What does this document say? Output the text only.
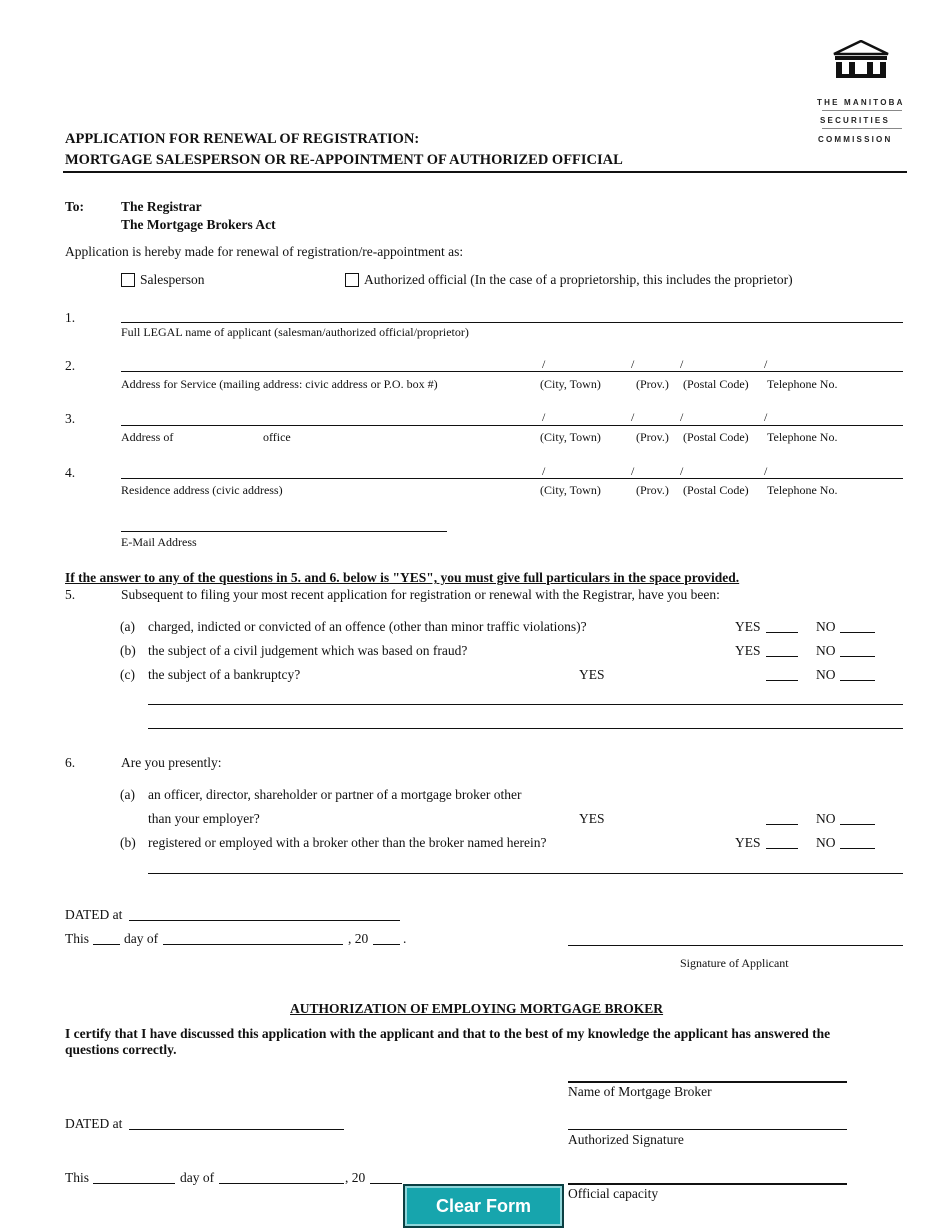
THE MANITOBA
SECURITIES
COMMISSION
APPLICATION FOR RENEWAL OF REGISTRATION:
MORTGAGE SALESPERSON OR RE-APPOINTMENT OF AUTHORIZED OFFICIAL
To:	The Registrar
The Mortgage Brokers Act
Application is hereby made for renewal of registration/re-appointment as:
Salesperson	Authorized official (In the case of a proprietorship, this includes the proprietor)
1.
Full LEGAL name of applicant (salesman/authorized official/proprietor)
2.	/	/	/	/
Address for Service (mailing address: civic address or P.O. box #)	(City, Town)	(Prov.) (Postal Code) Telephone No.
3.	/	/	/	/
Address of	office	(City, Town)	(Prov.) (Postal Code) Telephone No.
4.	/	/	/	/
Residence address (civic address)	(City, Town)	(Prov.) (Postal Code) Telephone No.
E-Mail Address
If the answer to any of the questions in 5. and 6. below is "YES", you must give full particulars in the space provided.
5.	Subsequent to filing your most recent application for registration or renewal with the Registrar, have you been:
(a) charged, indicted or convicted of an offence (other than minor traffic violations)?	YES	NO
(b) the subject of a civil judgement which was based on fraud?	YES	NO
(c) the subject of a bankruptcy?	YES	NO
6.	Are you presently:
(a) an officer, director, shareholder or partner of a mortgage broker other
than your employer?	YES	NO
(b) registered or employed with a broker other than the broker named herein?	YES	NO
DATED at
This	day of	, 20	.
Signature of Applicant
AUTHORIZATION OF EMPLOYING MORTGAGE BROKER
I certify that I have discussed this application with the applicant and that to the best of my knowledge the applicant has answered the questions correctly.
Name of Mortgage Broker
DATED at
Authorized Signature
This	day of	, 20
Official capacity
Clear Form
